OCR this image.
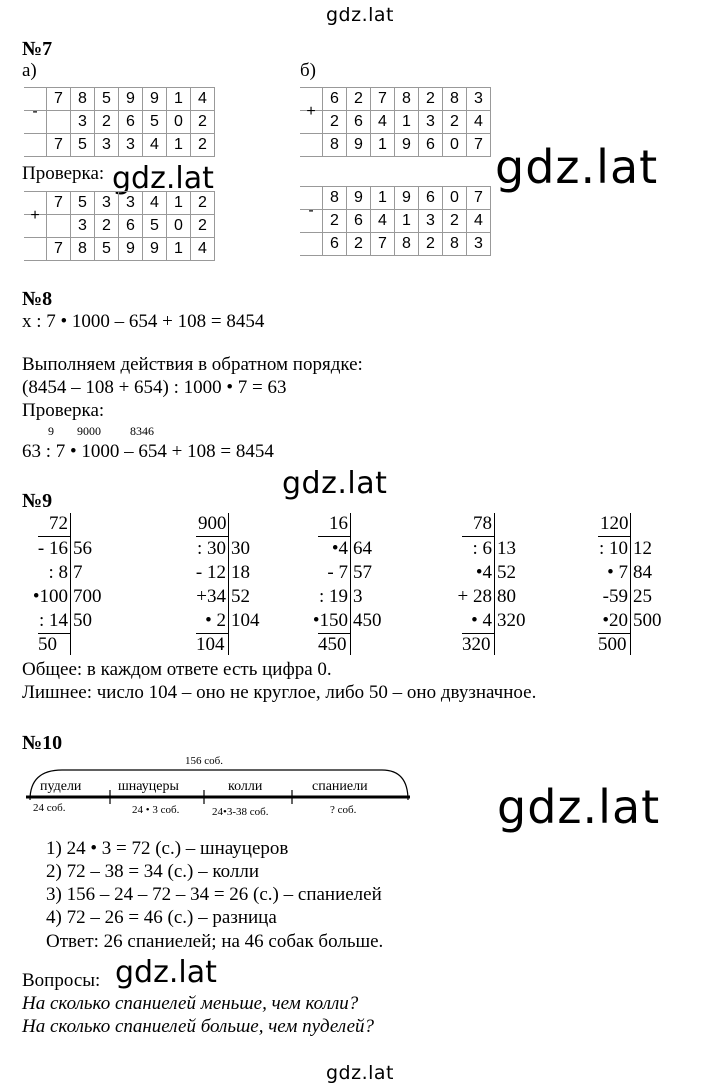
gdz.lat
gdz.lat
gdz.lat
gdz.lat
gdz.lat
№7
а)	б)
-	7	8	5	9	9	1	4
		3	2	6	5	0	2
	7	5	3	3	4	1	2
Проверка: gdz.lat
+	7	5	3	3	4	1	2
		3	2	6	5	0	2
	7	8	5	9	9	1	4
+	6	2	7	8	2	8	3
	2	6	4	1	3	2	4
	8	9	1	9	6	0	7
-	8	9	1	9	6	0	7
	2	6	4	1	3	2	4
	6	2	7	8	2	8	3
№8
x : 7 • 1000 – 654 + 108 = 8454
Выполняем действия в обратном порядке:
(8454 – 108 + 654) : 1000 • 7 = 63
Проверка:
9 9000 8346
63 : 7 • 1000 – 654 + 108 = 8454
№9
72
- 16 56
: 8 7
•100 700
: 14 50
50
900
: 30 30
- 12 18
+34 52
• 2 104
104
16
•4 64
- 7 57
: 19 3
•150 450
450
78
: 6 13
•4 52
+ 28 80
• 4 320
320
120
: 10 12
• 7 84
-59 25
•20 500
500
Общее: в каждом ответе есть цифра 0.
Лишнее: число 104 – оно не круглое, либо 50 – оно двузначное.
№10
156 соб.
пудели	шнауцеры	колли	спаниели
24 соб.	24 • 3 соб.	24•3-38 соб.	? соб.
1) 24 • 3 = 72 (с.) – шнауцеров
2) 72 – 38 = 34 (с.) – колли
3) 156 – 24 – 72 – 34 = 26 (с.) – спаниелей
4) 72 – 26 = 46 (с.) – разница
Ответ: 26 спаниелей; на 46 собак больше.
Вопросы: gdz.lat
На сколько спаниелей меньше, чем колли?
На сколько спаниелей больше, чем пуделей?
